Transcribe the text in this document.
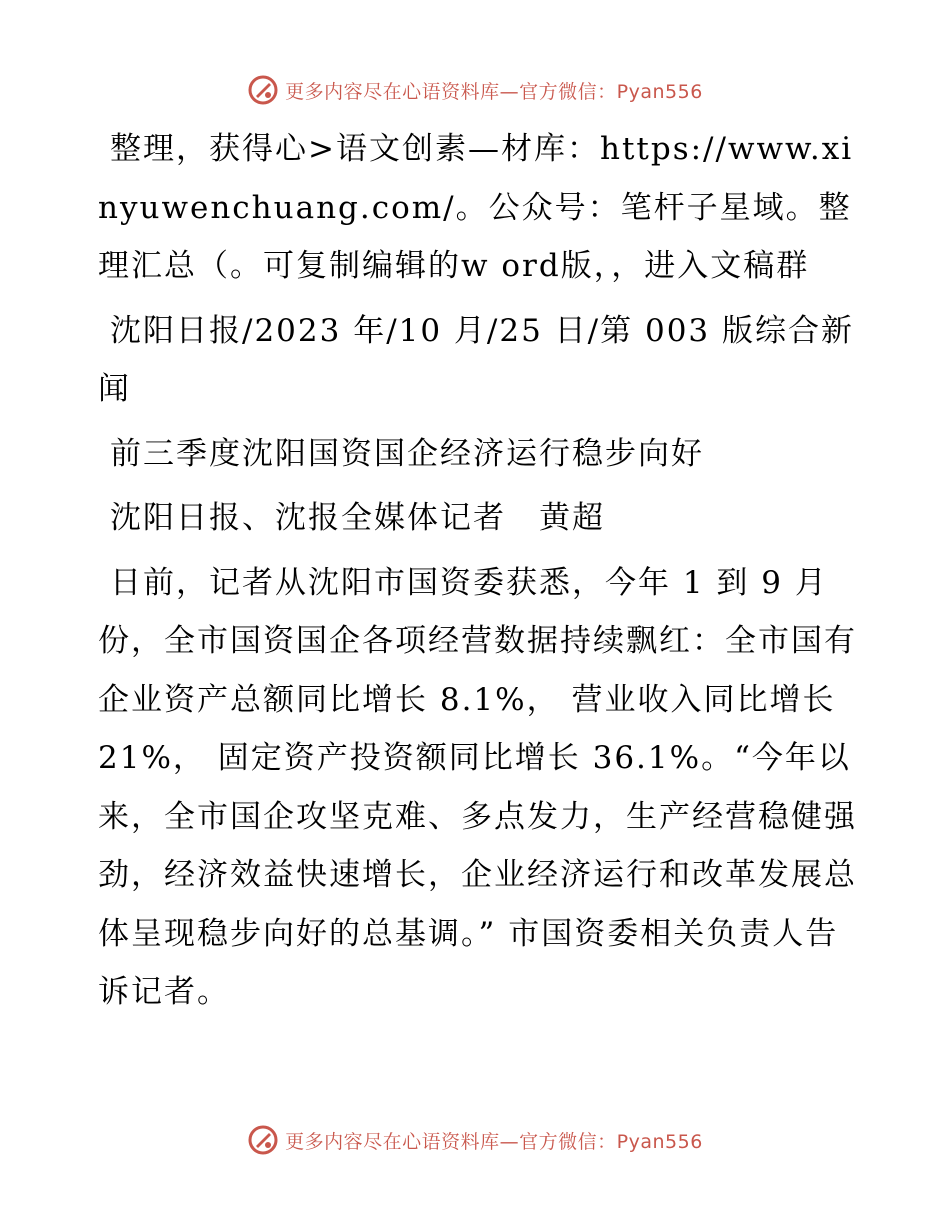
更多内容尽在心语资料库—官方微信：Pyan556

整理，获得心>语文创素—材库：https://www.xinyuwenchuang.com/。公众号：笔杆子星域。整理汇总（。可复制编辑的w ord版，，进入文稿群

沈阳日报/2023 年/10 月/25 日/第 003 版综合新闻

前三季度沈阳国资国企经济运行稳步向好

沈阳日报、沈报全媒体记者　黄超

日前，记者从沈阳市国资委获悉，今年 1 到 9 月份，全市国资国企各项经营数据持续飘红：全市国有企业资产总额同比增长 8.1%， 营业收入同比增长 21%， 固定资产投资额同比增长 36.1%。“今年以来，全市国企攻坚克难、多点发力，生产经营稳健强劲，经济效益快速增长，企业经济运行和改革发展总体呈现稳步向好的总基调。” 市国资委相关负责人告诉记者。

更多内容尽在心语资料库—官方微信：Pyan556
